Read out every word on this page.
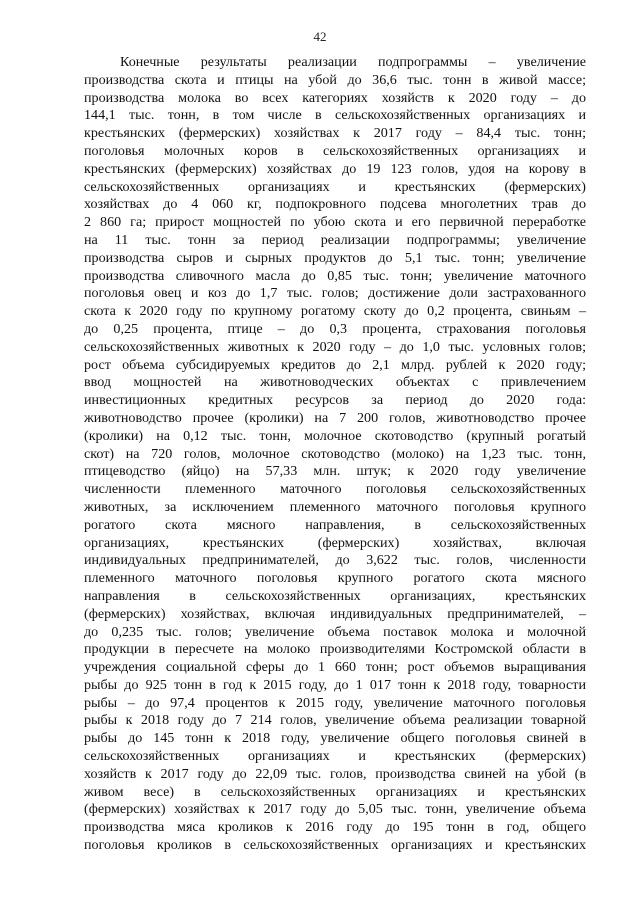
42
Конечные результаты реализации подпрограммы – увеличение
производства скота и птицы на убой до 36,6 тыс. тонн в живой массе;
производства молока во всех категориях хозяйств к 2020 году – до
144,1 тыс. тонн, в том числе в сельскохозяйственных организациях и
крестьянских (фермерских) хозяйствах к 2017 году – 84,4 тыс. тонн;
поголовья молочных коров в сельскохозяйственных организациях и
крестьянских (фермерских) хозяйствах до 19 123 голов, удоя на корову в
сельскохозяйственных организациях и крестьянских (фермерских)
хозяйствах до 4 060 кг, подпокровного подсева многолетних трав до
2 860 га; прирост мощностей по убою скота и его первичной переработке
на 11 тыс. тонн за период реализации подпрограммы; увеличение
производства сыров и сырных продуктов до 5,1 тыс. тонн; увеличение
производства сливочного масла до 0,85 тыс. тонн; увеличение маточного
поголовья овец и коз до 1,7 тыс. голов; достижение доли застрахованного
скота к 2020 году по крупному рогатому скоту до 0,2 процента, свиньям –
до 0,25 процента, птице – до 0,3 процента, страхования поголовья
сельскохозяйственных животных к 2020 году – до 1,0 тыс. условных голов;
рост объема субсидируемых кредитов до 2,1 млрд. рублей к 2020 году;
ввод мощностей на животноводческих объектах с привлечением
инвестиционных кредитных ресурсов за период до 2020 года:
животноводство прочее (кролики) на 7 200 голов, животноводство прочее
(кролики) на 0,12 тыс. тонн, молочное скотоводство (крупный рогатый
скот) на 720 голов, молочное скотоводство (молоко) на 1,23 тыс. тонн,
птицеводство (яйцо) на 57,33 млн. штук; к 2020 году увеличение
численности племенного маточного поголовья сельскохозяйственных
животных, за исключением племенного маточного поголовья крупного
рогатого скота мясного направления, в сельскохозяйственных
организациях, крестьянских (фермерских) хозяйствах, включая
индивидуальных предпринимателей, до 3,622 тыс. голов, численности
племенного маточного поголовья крупного рогатого скота мясного
направления в сельскохозяйственных организациях, крестьянских
(фермерских) хозяйствах, включая индивидуальных предпринимателей, –
до 0,235 тыс. голов; увеличение объема поставок молока и молочной
продукции в пересчете на молоко производителями Костромской области в
учреждения социальной сферы до 1 660 тонн; рост объемов выращивания
рыбы до 925 тонн в год к 2015 году, до 1 017 тонн к 2018 году, товарности
рыбы – до 97,4 процентов к 2015 году, увеличение маточного поголовья
рыбы к 2018 году до 7 214 голов, увеличение объема реализации товарной
рыбы до 145 тонн к 2018 году, увеличение общего поголовья свиней в
сельскохозяйственных организациях и крестьянских (фермерских)
хозяйств к 2017 году до 22,09 тыс. голов, производства свиней на убой (в
живом весе) в сельскохозяйственных организациях и крестьянских
(фермерских) хозяйствах к 2017 году до 5,05 тыс. тонн, увеличение объема
производства мяса кроликов к 2016 году до 195 тонн в год, общего
поголовья кроликов в сельскохозяйственных организациях и крестьянских
